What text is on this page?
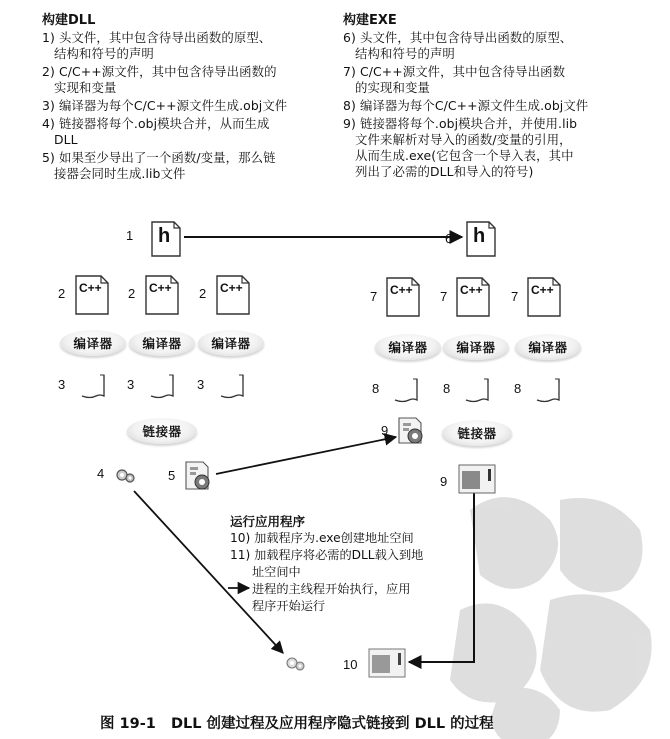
构建DLL
1) 头文件，其中包含待导出函数的原型、
结构和符号的声明
2) C/C++源文件，其中包含待导出函数的
实现和变量
3) 编译器为每个C/C++源文件生成.obj文件
4) 链接器将每个.obj模块合并，从而生成
DLL
5) 如果至少导出了一个函数/变量，那么链
接器会同时生成.lib文件
构建EXE
6) 头文件，其中包含待导出函数的原型、
结构和符号的声明
7) C/C++源文件，其中包含待导出函数
的实现和变量
8) 编译器为每个C/C++源文件生成.obj文件
9) 链接器将每个.obj模块合并，并使用.lib
文件来解析对导入的函数/变量的引用，
从而生成.exe(它包含一个导入表，其中
列出了必需的DLL和导入的符号)
1 h	6 h
2 C++ 2 C++ 2 C++
7 C++ 7 C++ 7 C++
编译器	编译器	编译器	编译器	编译器	编译器
3	3	3	8	8	8
链接器	链接器
9
4	5	9
运行应用程序
10) 加载程序为.exe创建地址空间
11) 加载程序将必需的DLL载入到地
址空间中
进程的主线程开始执行，应用
程序开始运行
10
图 19-1   DLL 创建过程及应用程序隐式链接到 DLL 的过程
